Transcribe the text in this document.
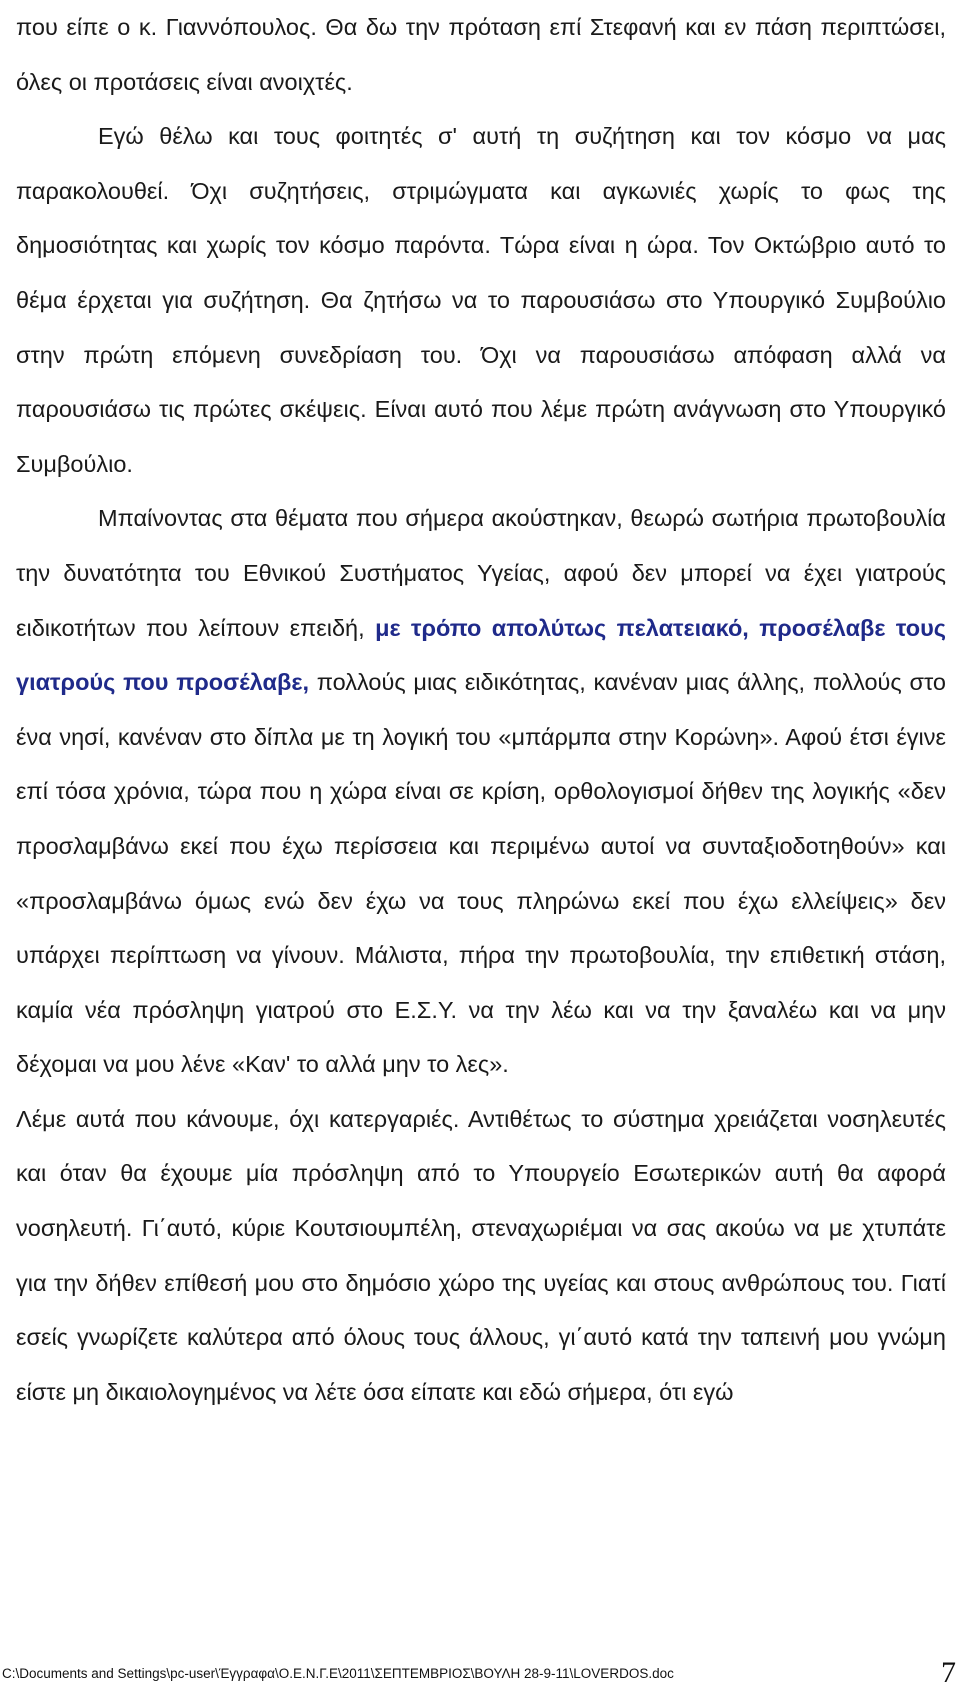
που είπε ο κ. Γιαννόπουλος. Θα δω την πρόταση επί Στεφανή και εν πάση περιπτώσει, όλες οι προτάσεις είναι ανοιχτές.

Εγώ θέλω και τους φοιτητές σ' αυτή τη συζήτηση και τον κόσμο να μας παρακολουθεί. Όχι συζητήσεις, στριμώγματα και αγκωνιές χωρίς το φως της δημοσιότητας και χωρίς τον κόσμο παρόντα. Τώρα είναι η ώρα. Τον Οκτώβριο αυτό το θέμα έρχεται για συζήτηση. Θα ζητήσω να το παρουσιάσω στο Υπουργικό Συμβούλιο στην πρώτη επόμενη συνεδρίαση του. Όχι να παρουσιάσω απόφαση αλλά να παρουσιάσω τις πρώτες σκέψεις. Είναι αυτό που λέμε πρώτη ανάγνωση στο Υπουργικό Συμβούλιο.

Μπαίνοντας στα θέματα που σήμερα ακούστηκαν, θεωρώ σωτήρια πρωτοβουλία την δυνατότητα του Εθνικού Συστήματος Υγείας, αφού δεν μπορεί να έχει γιατρούς ειδικοτήτων που λείπουν επειδή, με τρόπο απολύτως πελατειακό, προσέλαβε τους γιατρούς που προσέλαβε, πολλούς μιας ειδικότητας, κανέναν μιας άλλης, πολλούς στο ένα νησί, κανέναν στο δίπλα με τη λογική του «μπάρμπα στην Κορώνη». Αφού έτσι έγινε επί τόσα χρόνια, τώρα που η χώρα είναι σε κρίση, ορθολογισμοί δήθεν της λογικής «δεν προσλαμβάνω εκεί που έχω περίσσεια και περιμένω αυτοί να συνταξιοδοτηθούν» και «προσλαμβάνω όμως ενώ δεν έχω να τους πληρώνω εκεί που έχω ελλείψεις» δεν υπάρχει περίπτωση να γίνουν. Μάλιστα, πήρα την πρωτοβουλία, την επιθετική στάση, καμία νέα πρόσληψη γιατρού στο Ε.Σ.Υ. να την λέω και να την ξαναλέω και να μην δέχομαι να μου λένε «Καν' το αλλά μην το λες».

Λέμε αυτά που κάνουμε, όχι κατεργαριές. Αντιθέτως το σύστημα χρειάζεται νοσηλευτές και όταν θα έχουμε μία πρόσληψη από το Υπουργείο Εσωτερικών αυτή θα αφορά νοσηλευτή. Γι΄αυτό, κύριε Κουτσιουμπέλη, στεναχωριέμαι να σας ακούω να με χτυπάτε για την δήθεν επίθεσή μου στο δημόσιο χώρο της υγείας και στους ανθρώπους του. Γιατί εσείς γνωρίζετε καλύτερα από όλους τους άλλους, γι΄αυτό κατά την ταπεινή μου γνώμη είστε μη δικαιολογημένος να λέτε όσα είπατε και εδώ σήμερα, ότι εγώ

C:\Documents and Settings\pc-user\Έγγραφα\Ο.Ε.Ν.Γ.Ε\2011\ΣΕΠΤΕΜΒΡΙΟΣ\ΒΟΥΛΗ 28-9-11\LOVERDOS.doc	7
